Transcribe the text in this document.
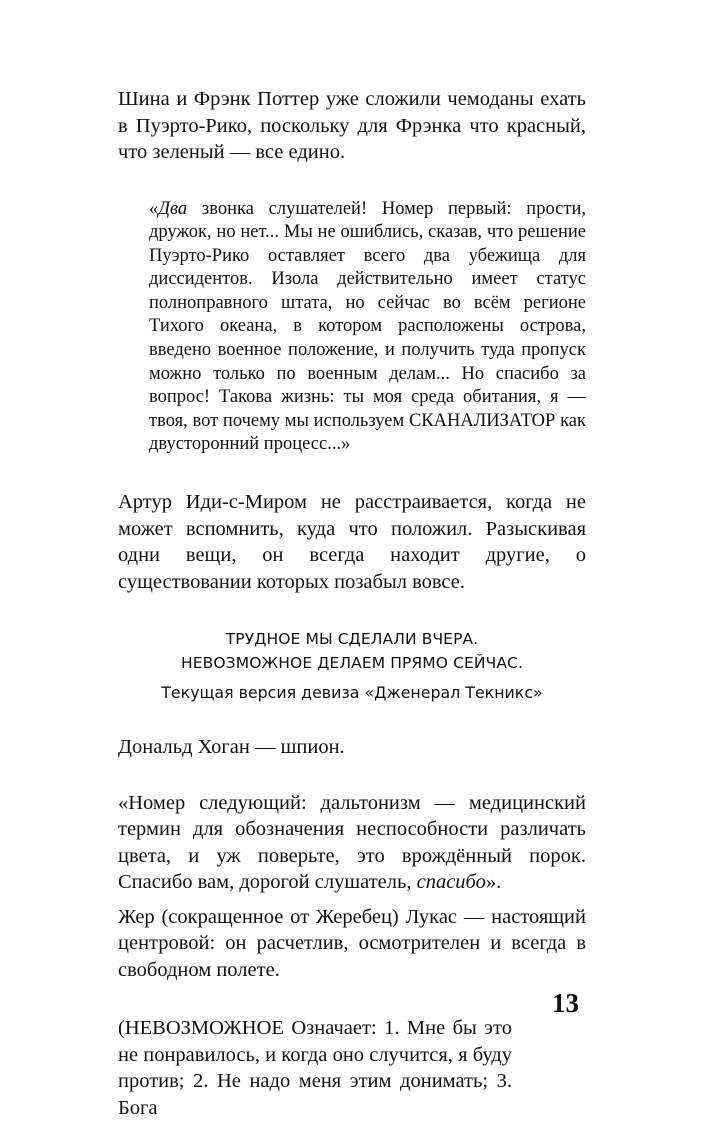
Шина и Фрэнк Поттер уже сложили чемоданы ехать в Пуэрто-Рико, поскольку для Фрэнка что красный, что зеленый — все едино.

«Два звонка слушателей! Номер первый: прости, дружок, но нет... Мы не ошиблись, сказав, что решение Пуэрто-Рико оставляет всего два убежища для диссидентов. Изола действительно имеет статус полноправного штата, но сейчас во всём регионе Тихого океана, в котором расположены острова, введено военное положение, и получить туда пропуск можно только по военным делам... Но спасибо за вопрос! Такова жизнь: ты моя среда обитания, я — твоя, вот почему мы используем СКАНАЛИЗАТОР как двусторонний процесс...»

Артур Иди-с-Миром не расстраивается, когда не может вспомнить, куда что положил. Разыскивая одни вещи, он всегда находит другие, о существовании которых позабыл вовсе.

ТРУДНОЕ МЫ СДЕЛАЛИ ВЧЕРА.

НЕВОЗМОЖНОЕ ДЕЛАЕМ ПРЯМО СЕЙЧАС.

Текущая версия девиза «Дженерал Текникс»

Дональд Хоган — шпион.

«Номер следующий: дальтонизм — медицинский термин для обозначения неспособности различать цвета, и уж поверьте, это врождённый порок. Спасибо вам, дорогой слушатель, спасибо».

Жер (сокращенное от Жеребец) Лукас — настоящий центровой: он расчетлив, осмотрителен и всегда в свободном полете.

(НЕВОЗМОЖНОЕ Означает: 1. Мне бы это не понравилось, и когда оно случится, я буду против; 2. Не надо меня этим донимать; 3. Бога

13
